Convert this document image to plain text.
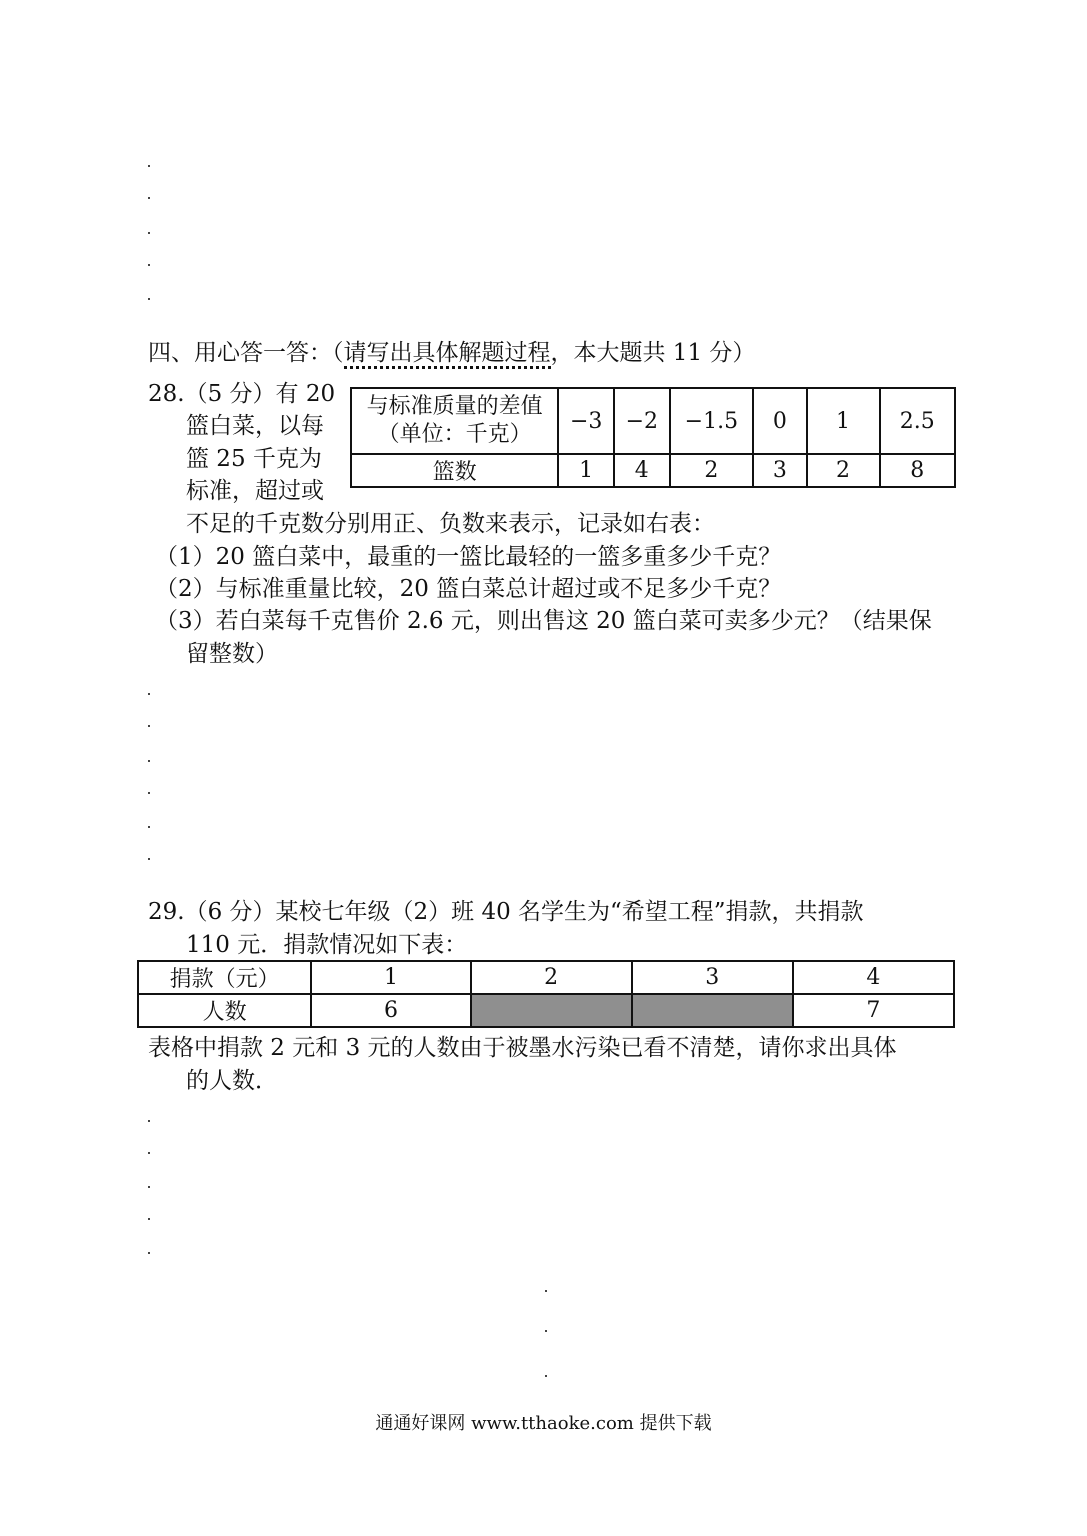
四、用心答一答：（请写出具体解题过程，本大题共 11 分）
28.（5 分）有 20
篮白菜，以每
篮 25 千克为
标准，超过或
与标准质量的差值
（单位：千克）	−3	−2	−1.5	0	1	2.5
篮数	1	4	2	3	2	8
不足的千克数分别用正、负数来表示，记录如右表：
（1）20 篮白菜中，最重的一篮比最轻的一篮多重多少千克？
（2）与标准重量比较，20 篮白菜总计超过或不足多少千克？
（3）若白菜每千克售价 2.6 元，则出售这 20 篮白菜可卖多少元？（结果保
留整数）
29.（6 分）某校七年级（2）班 40 名学生为“希望工程”捐款，共捐款
110 元．捐款情况如下表：
捐款（元）	1	2	3	4
人数	6			7
表格中捐款 2 元和 3 元的人数由于被墨水污染已看不清楚，请你求出具体
的人数．
通通好课网 www.tthaoke.com 提供下载
